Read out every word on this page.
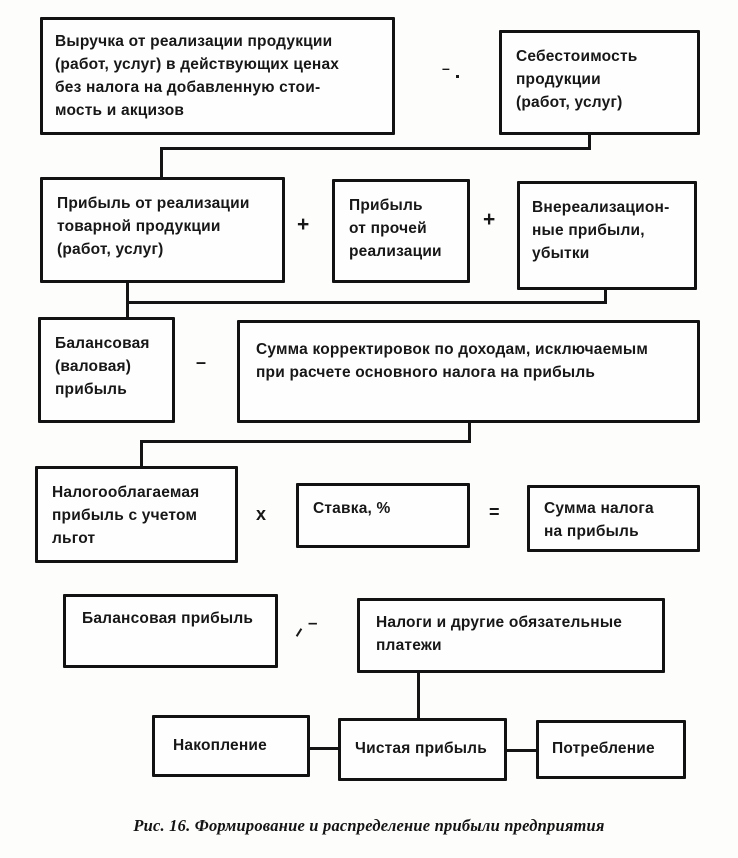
Выручка от реализации продукции
(работ, услуг) в действующих ценах
без налога на добавленную стои-
мость и акцизов
–
Себестоимость
продукции
(работ, услуг)
Прибыль от реализации
товарной продукции
(работ, услуг)
+
Прибыль
от прочей
реализации
+
Внереализацион-
ные прибыли,
убытки
Балансовая
(валовая)
прибыль
–
Сумма корректировок по доходам, исключаемым
при расчете основного налога на прибыль
Налогооблагаемая
прибыль с учетом
льгот
x	Ставка, %	=	Сумма налога
на прибыль
Балансовая прибыль	–	Налоги и другие обязательные
платежи
Накопление	Чистая прибыль	Потребление
Рис. 16. Формирование и распределение прибыли предприятия
